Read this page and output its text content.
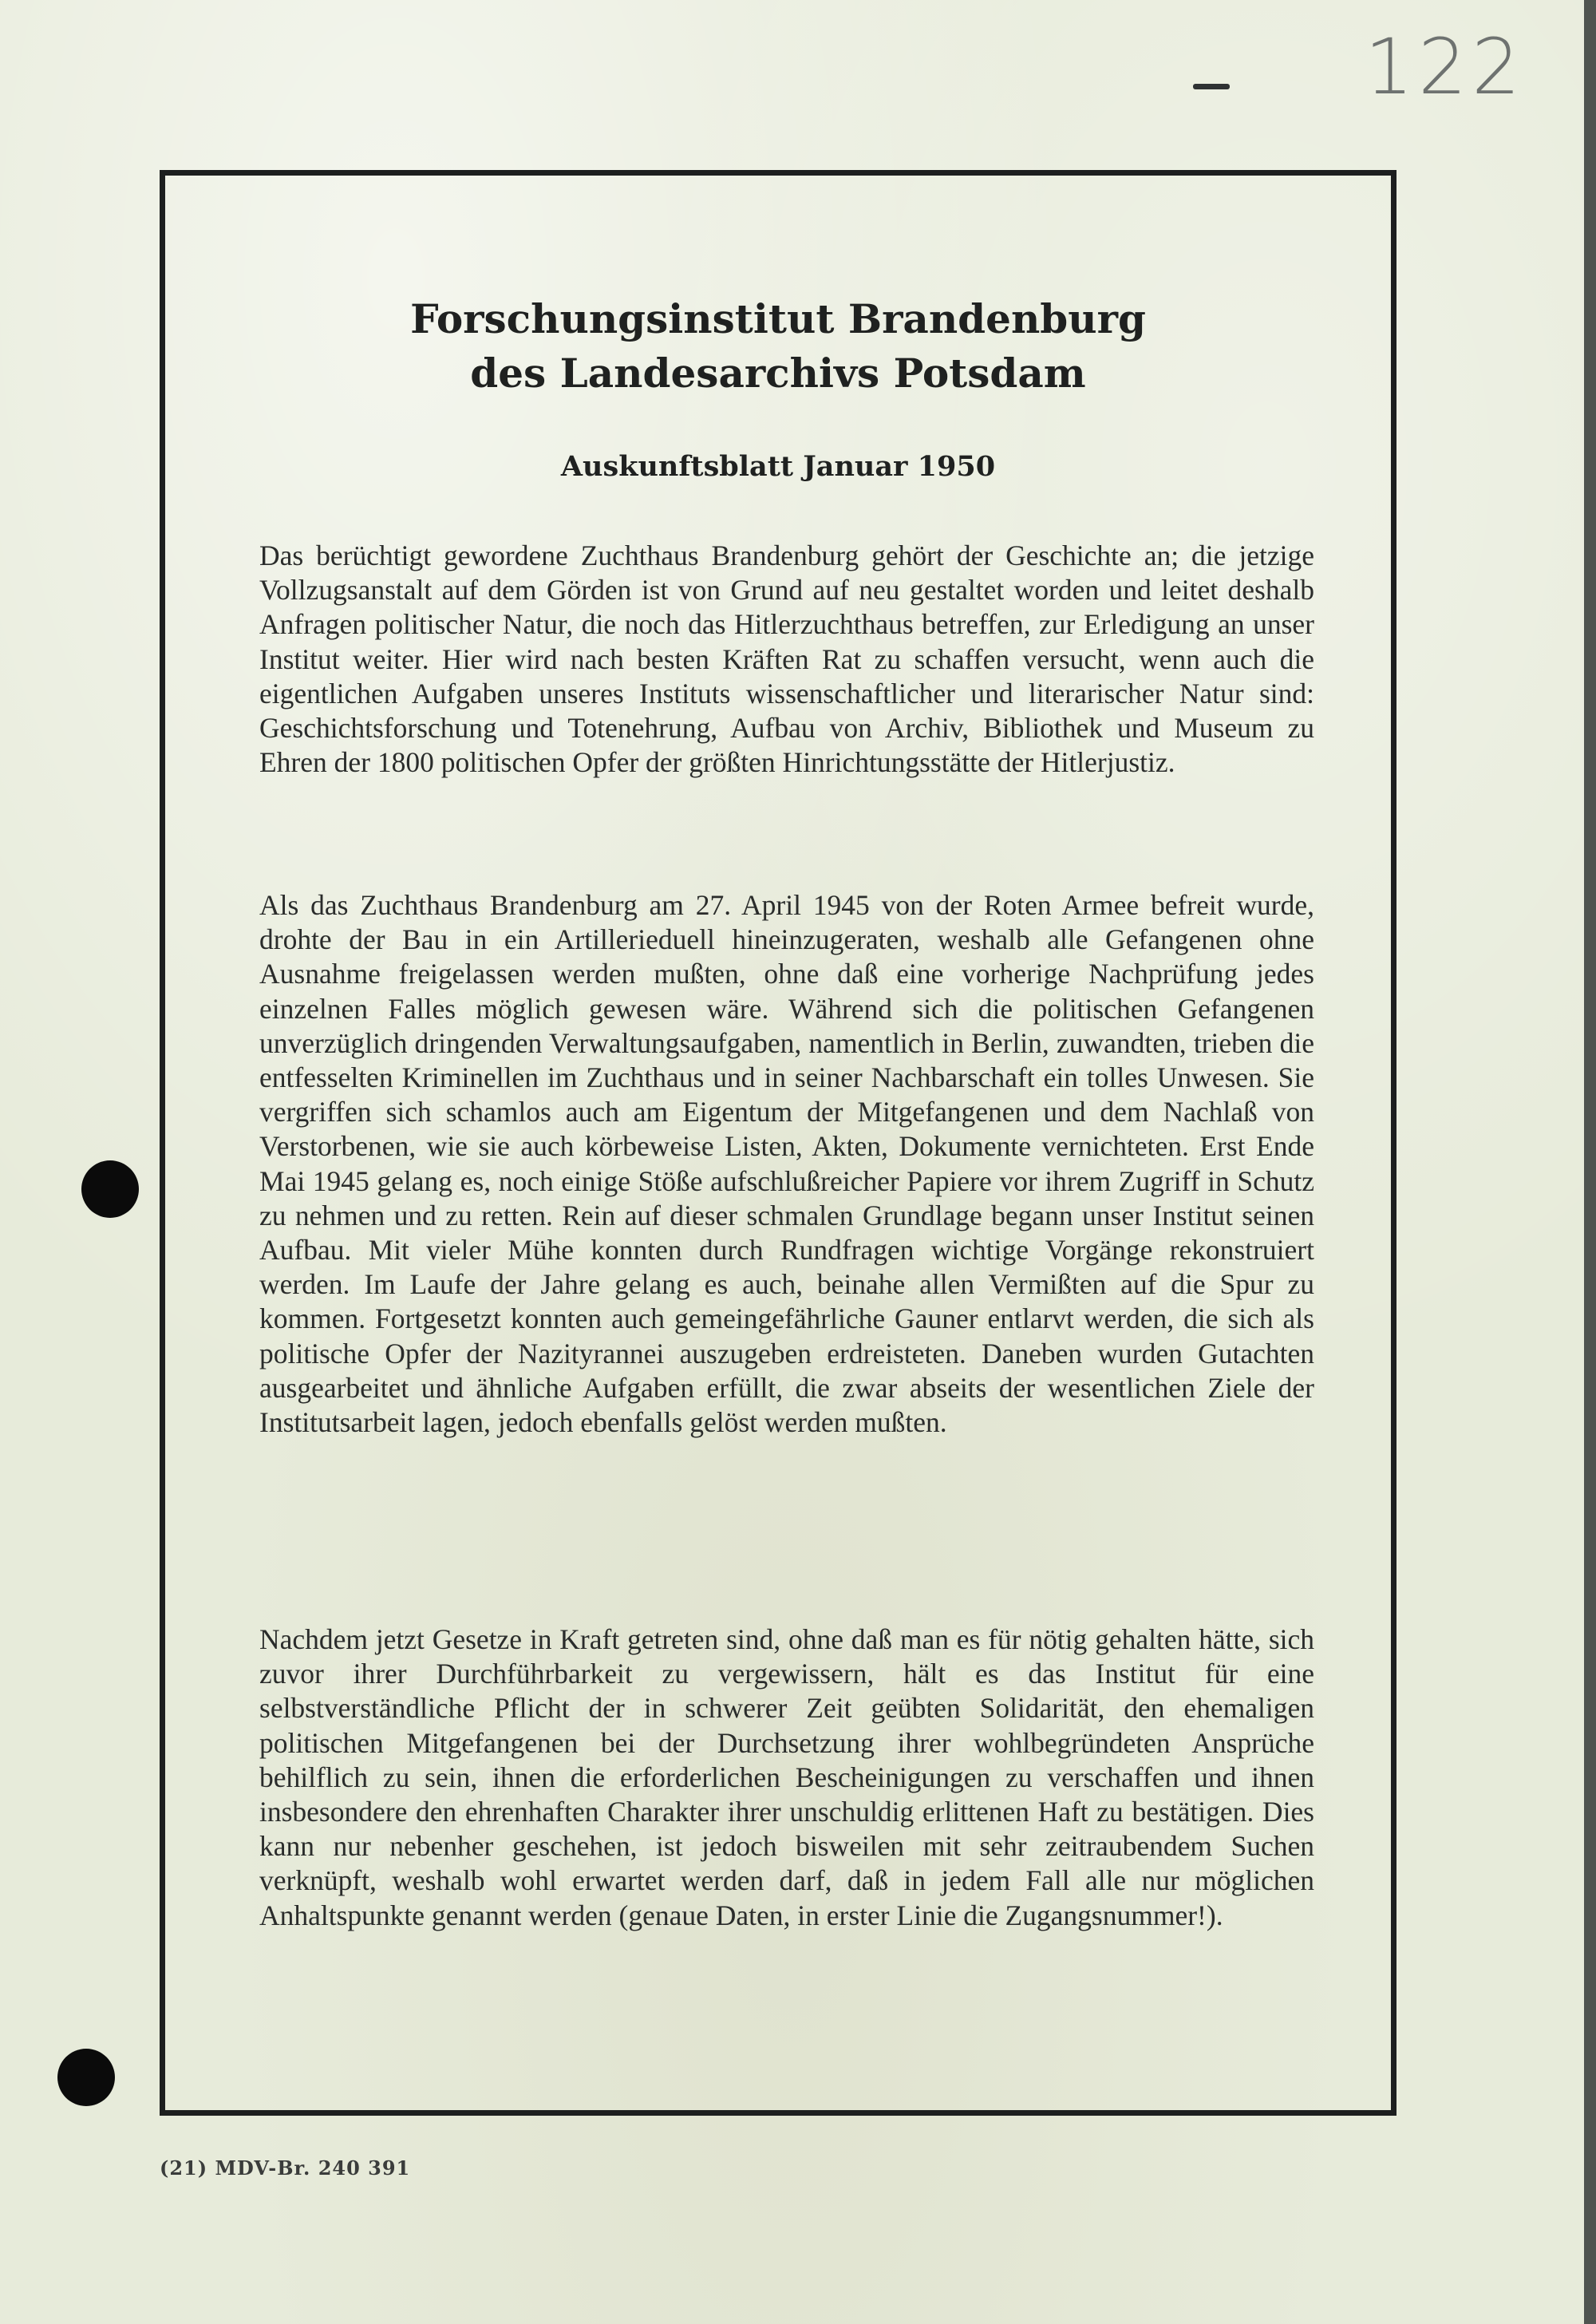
122
Forschungsinstitut Brandenburg
des Landesarchivs Potsdam
Auskunftsblatt Januar 1950

Das berüchtigt gewordene Zuchthaus Brandenburg gehört der Geschichte an; die jetzige Vollzugsanstalt auf dem Görden ist von Grund auf neu gestaltet worden und leitet deshalb Anfragen politischer Natur, die noch das Hitlerzuchthaus betreffen, zur Erledigung an unser Institut weiter. Hier wird nach besten Kräften Rat zu schaffen versucht, wenn auch die eigentlichen Aufgaben unseres Instituts wissenschaftlicher und literarischer Natur sind: Geschichtsforschung und Totenehrung, Aufbau von Archiv, Bibliothek und Museum zu Ehren der 1800 politischen Opfer der größten Hinrichtungsstätte der Hitlerjustiz.

Als das Zuchthaus Brandenburg am 27. April 1945 von der Roten Armee befreit wurde, drohte der Bau in ein Artillerieduell hineinzugeraten, weshalb alle Gefangenen ohne Ausnahme freigelassen werden mußten, ohne daß eine vorherige Nachprüfung jedes einzelnen Falles möglich gewesen wäre. Während sich die politischen Gefangenen unverzüglich dringenden Verwaltungsaufgaben, namentlich in Berlin, zuwandten, trieben die entfesselten Kriminellen im Zuchthaus und in seiner Nachbarschaft ein tolles Unwesen. Sie vergriffen sich schamlos auch am Eigentum der Mitgefangenen und dem Nachlaß von Verstorbenen, wie sie auch körbeweise Listen, Akten, Dokumente vernichteten. Erst Ende Mai 1945 gelang es, noch einige Stöße aufschlußreicher Papiere vor ihrem Zugriff in Schutz zu nehmen und zu retten. Rein auf dieser schmalen Grundlage begann unser Institut seinen Aufbau. Mit vieler Mühe konnten durch Rundfragen wichtige Vorgänge rekonstruiert werden. Im Laufe der Jahre gelang es auch, beinahe allen Vermißten auf die Spur zu kommen. Fortgesetzt konnten auch gemeingefährliche Gauner entlarvt werden, die sich als politische Opfer der Nazityrannei auszugeben erdreisteten. Daneben wurden Gutachten ausgearbeitet und ähnliche Aufgaben erfüllt, die zwar abseits der wesentlichen Ziele der Institutsarbeit lagen, jedoch ebenfalls gelöst werden mußten.

Nachdem jetzt Gesetze in Kraft getreten sind, ohne daß man es für nötig gehalten hätte, sich zuvor ihrer Durchführbarkeit zu vergewissern, hält es das Institut für eine selbstverständliche Pflicht der in schwerer Zeit geübten Solidarität, den ehemaligen politischen Mitgefangenen bei der Durchsetzung ihrer wohlbegründeten Ansprüche behilflich zu sein, ihnen die erforderlichen Bescheinigungen zu verschaffen und ihnen insbesondere den ehrenhaften Charakter ihrer unschuldig erlittenen Haft zu bestätigen. Dies kann nur nebenher geschehen, ist jedoch bisweilen mit sehr zeitraubendem Suchen verknüpft, weshalb wohl erwartet werden darf, daß in jedem Fall alle nur möglichen Anhaltspunkte genannt werden (genaue Daten, in erster Linie die Zugangsnummer!).

(21) MDV-Br. 240 391
